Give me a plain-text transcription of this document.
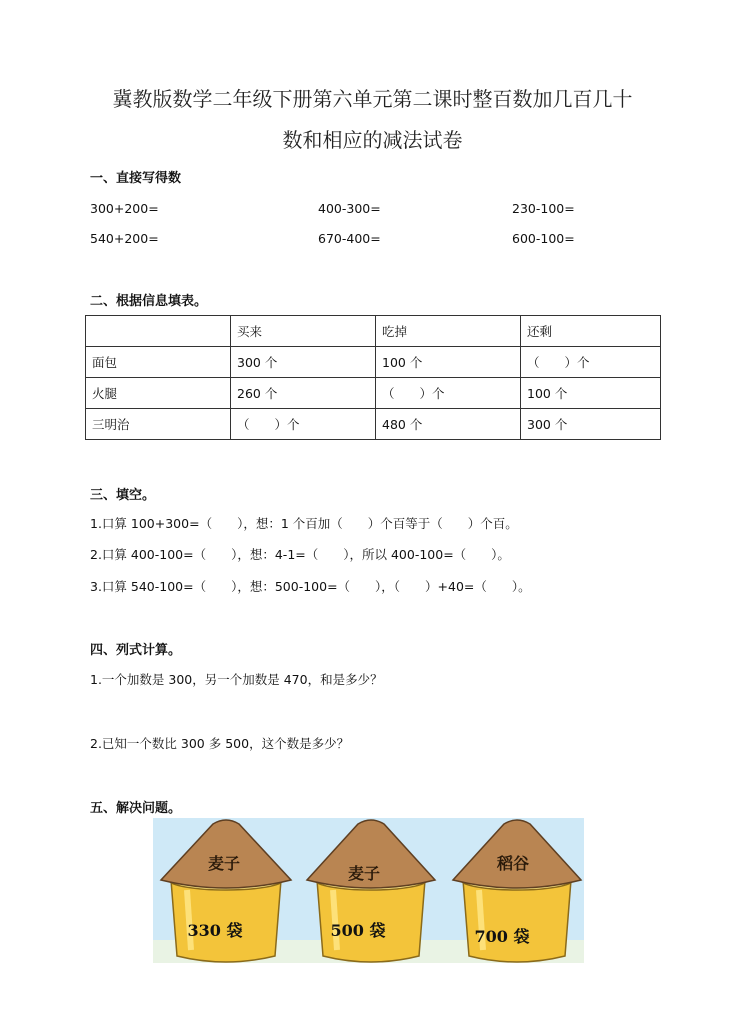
冀教版数学二年级下册第六单元第二课时整百数加几百几十
数和相应的减法试卷
一、直接写得数
300+200=	400-300=	230-100=
540+200=	670-400=	600-100=
二、根据信息填表。
	买来	吃掉	还剩
面包	300 个	100 个	（　　）个
火腿	260 个	（　　）个	100 个
三明治	（　　）个	480 个	300 个
三、填空。
1.口算 100+300=（　　），想：1 个百加（　　）个百等于（　　）个百。
2.口算 400-100=（　　），想：4-1=（　　），所以 400-100=（　　）。
3.口算 540-100=（　　），想：500-100=（　　），（　　）+40=（　　）。
四、列式计算。
1.一个加数是 300，另一个加数是 470，和是多少？
2.已知一个数比 300 多 500，这个数是多少？
五、解决问题。
麦子
330 袋
麦子
500 袋
稻谷
700 袋
